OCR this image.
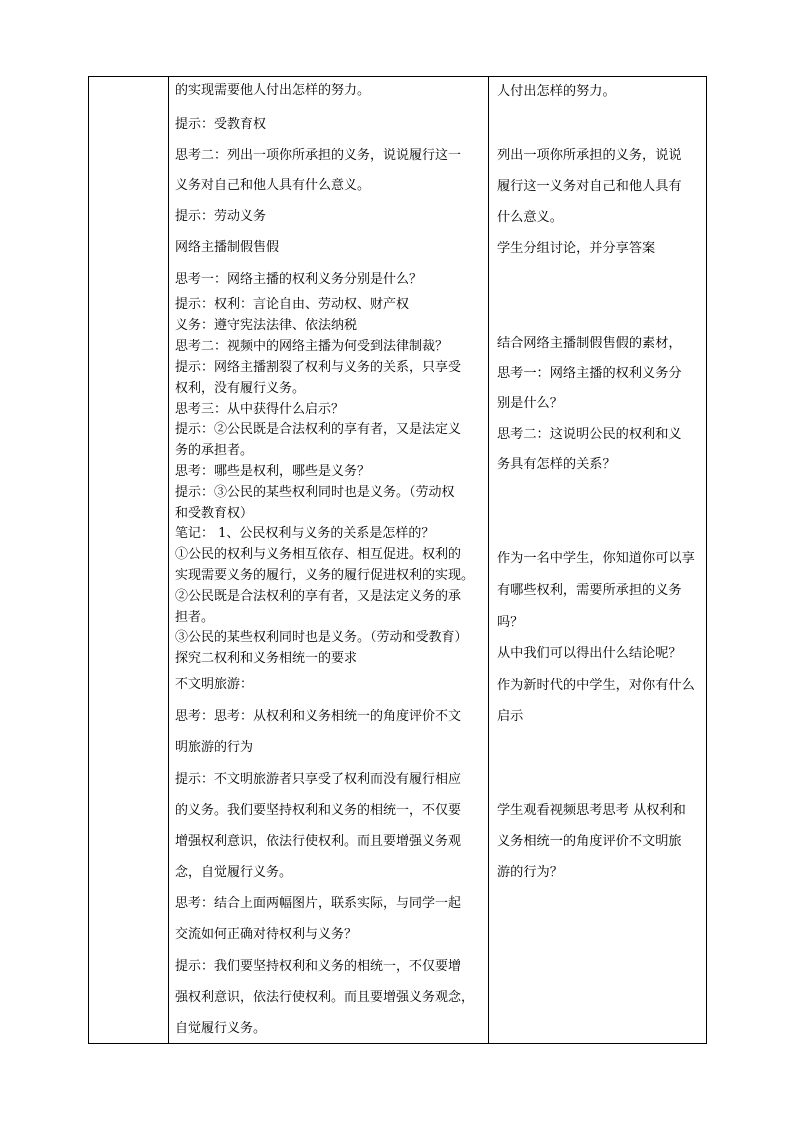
的实现需要他人付出怎样的努力。
提示：受教育权
思考二：列出一项你所承担的义务，说说履行这一
义务对自己和他人具有什么意义。
提示：劳动义务
网络主播制假售假
思考一：网络主播的权利义务分别是什么？
提示：权利：言论自由、劳动权、财产权
义务：遵守宪法法律、依法纳税
思考二：视频中的网络主播为何受到法律制裁？
提示：网络主播割裂了权利与义务的关系，只享受
权利，没有履行义务。
思考三：从中获得什么启示？
提示：②公民既是合法权利的享有者，又是法定义
务的承担者。
思考：哪些是权利，哪些是义务？
提示：③公民的某些权利同时也是义务。（劳动权
和受教育权）
笔记： 1、公民权利与义务的关系是怎样的？
①公民的权利与义务相互依存、相互促进。权利的
实现需要义务的履行，义务的履行促进权利的实现。
②公民既是合法权利的享有者，又是法定义务的承
担者。
③公民的某些权利同时也是义务。（劳动和受教育）
探究二权利和义务相统一的要求
不文明旅游：
思考：思考：从权利和义务相统一的角度评价不文
明旅游的行为
提示：不文明旅游者只享受了权利而没有履行相应
的义务。我们要坚持权利和义务的相统一，不仅要
增强权利意识，依法行使权利。而且要增强义务观
念，自觉履行义务。
思考：结合上面两幅图片，联系实际，与同学一起
交流如何正确对待权利与义务？
提示：我们要坚持权利和义务的相统一，不仅要增
强权利意识，依法行使权利。而且要增强义务观念，
自觉履行义务。
人付出怎样的努力。
列出一项你所承担的义务，说说
履行这一义务对自己和他人具有
什么意义。
学生分组讨论，并分享答案
结合网络主播制假售假的素材，
思考一：网络主播的权利义务分
别是什么？
思考二：这说明公民的权利和义
务具有怎样的关系？
作为一名中学生，你知道你可以享
有哪些权利，需要所承担的义务
吗？
从中我们可以得出什么结论呢？
作为新时代的中学生，对你有什么
启示
学生观看视频思考思考 从权利和
义务相统一的角度评价不文明旅
游的行为？
